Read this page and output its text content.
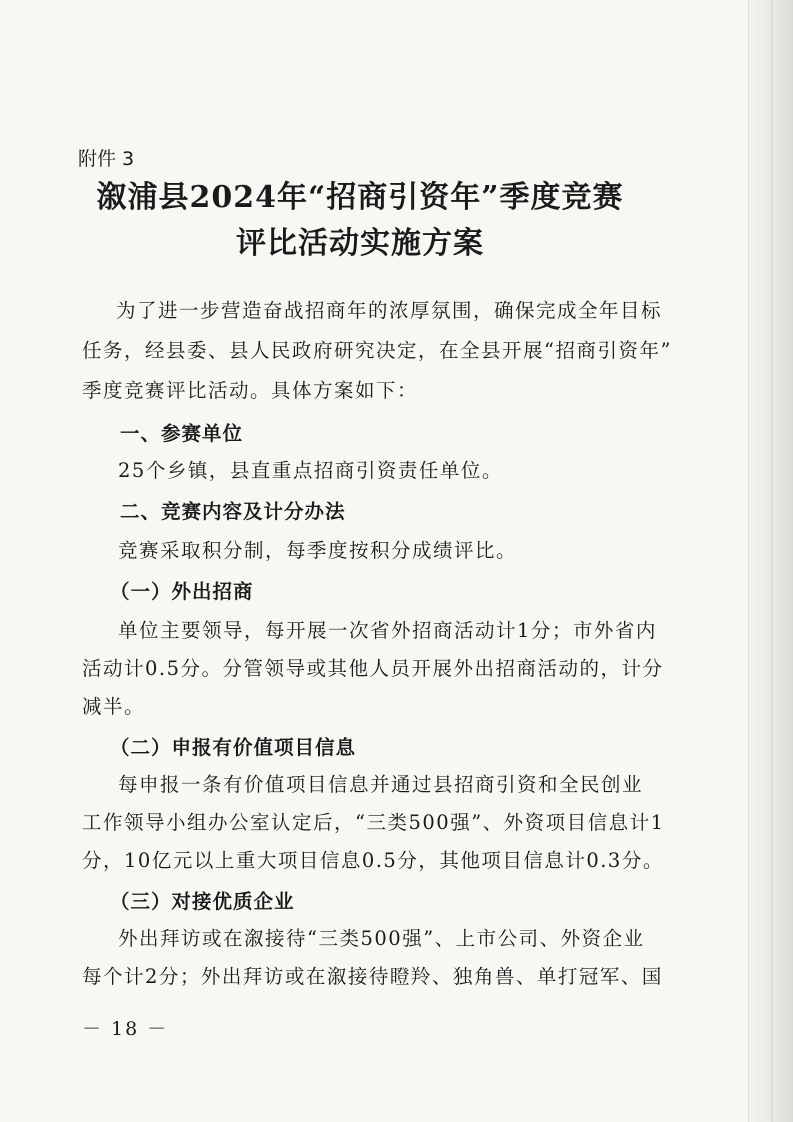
附件 3
溆浦县2024年“招商引资年”季度竞赛
评比活动实施方案
为了进一步营造奋战招商年的浓厚氛围，确保完成全年目标
任务，经县委、县人民政府研究决定，在全县开展“招商引资年”
季度竞赛评比活动。具体方案如下：
一、参赛单位
25个乡镇，县直重点招商引资责任单位。
二、竞赛内容及计分办法
竞赛采取积分制，每季度按积分成绩评比。
（一）外出招商
单位主要领导，每开展一次省外招商活动计1分；市外省内
活动计0.5分。分管领导或其他人员开展外出招商活动的，计分
减半。
（二）申报有价值项目信息
每申报一条有价值项目信息并通过县招商引资和全民创业
工作领导小组办公室认定后，“三类500强”、外资项目信息计1
分，10亿元以上重大项目信息0.5分，其他项目信息计0.3分。
（三）对接优质企业
外出拜访或在溆接待“三类500强”、上市公司、外资企业
每个计2分；外出拜访或在溆接待瞪羚、独角兽、单打冠军、国
－ 18 －
